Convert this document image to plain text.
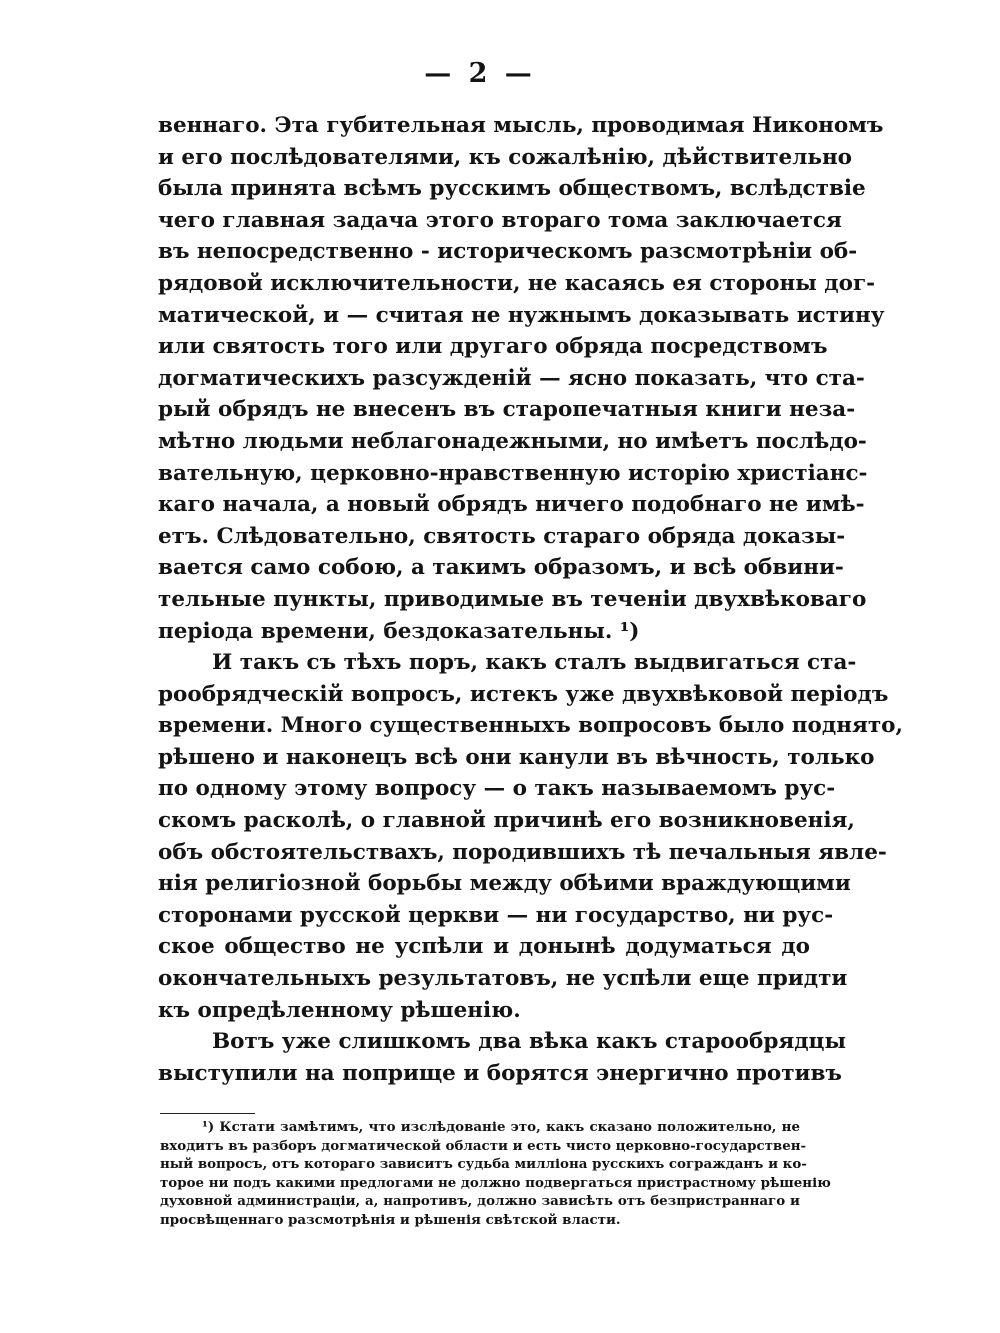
— 2 —
веннаго. Эта губительная мысль, проводимая Никономъ
и его послѣдователями, къ сожалѣнію, дѣйствительно
была принята всѣмъ русскимъ обществомъ, вслѣдствіе
чего главная задача этого втораго тома заключается
въ непосредственно - историческомъ разсмотрѣніи об-
рядовой исключительности, не касаясь ея стороны дог-
матической, и — считая не нужнымъ доказывать истину
или святость того или другаго обряда посредствомъ
догматическихъ разсужденій — ясно показать, что ста-
рый обрядъ не внесенъ въ старопечатныя книги неза-
мѣтно людьми неблагонадежными, но имѣетъ послѣдо-
вательную, церковно-нравственную исторію христіанс-
каго начала, а новый обрядъ ничего подобнаго не имѣ-
етъ. Слѣдовательно, святость стараго обряда доказы-
вается само собою, а такимъ образомъ, и всѣ обвини-
тельные пункты, приводимые въ теченіи двухвѣковаго
періода времени, бездоказательны. ¹)
И такъ съ тѣхъ поръ, какъ сталъ выдвигаться ста-
рообрядческій вопросъ, истекъ уже двухвѣковой періодъ
времени. Много существенныхъ вопросовъ было поднято,
рѣшено и наконецъ всѣ они канули въ вѣчность, только
по одному этому вопросу — о такъ называемомъ рус-
скомъ расколѣ, о главной причинѣ его возникновенія,
объ обстоятельствахъ, породившихъ тѣ печальныя явле-
нія религіозной борьбы между обѣими враждующими
сторонами русской церкви — ни государство, ни рус-
ское общество не успѣли и донынѣ додуматься до
окончательныхъ результатовъ, не успѣли еще придти
къ опредѣленному рѣшенію.
Вотъ уже слишкомъ два вѣка какъ старообрядцы
выступили на поприще и борятся энергично противъ
¹) Кстати замѣтимъ, что изслѣдованіе это, какъ сказано положительно, не
входитъ въ разборъ догматической области и есть чисто церковно-государствен-
ный вопросъ, отъ котораго зависитъ судьба милліона русскихъ согражданъ и ко-
торое ни подъ какими предлогами не должно подвергаться пристрастному рѣшенію
духовной администраціи, а, напротивъ, должно зависѣть отъ безпристраннаго и
просвѣщеннаго разсмотрѣнія и рѣшенія свѣтской власти.
